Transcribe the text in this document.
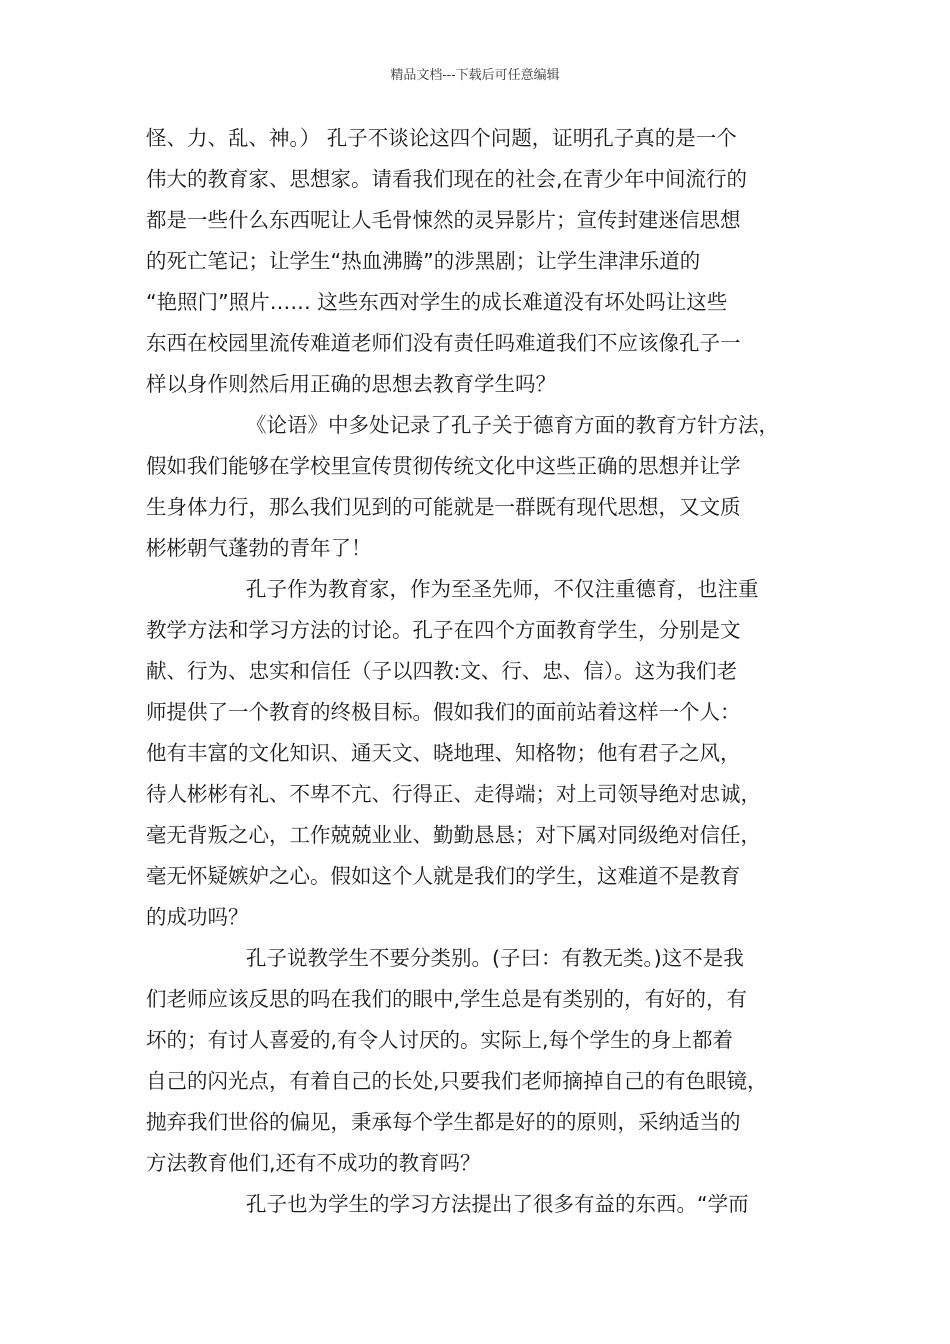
精品文档---下载后可任意编辑
怪、力、乱、神。） 孔子不谈论这四个问题，证明孔子真的是一个
伟大的教育家、思想家。请看我们现在的社会,在青少年中间流行的
都是一些什么东西呢让人毛骨悚然的灵异影片；宣传封建迷信思想
的死亡笔记；让学生“热血沸腾”的涉黑剧；让学生津津乐道的
“艳照门”照片…… 这些东西对学生的成长难道没有坏处吗让这些
东西在校园里流传难道老师们没有责任吗难道我们不应该像孔子一
样以身作则然后用正确的思想去教育学生吗？
《论语》中多处记录了孔子关于德育方面的教育方针方法，
假如我们能够在学校里宣传贯彻传统文化中这些正确的思想并让学
生身体力行，那么我们见到的可能就是一群既有现代思想，又文质
彬彬朝气蓬勃的青年了！
孔子作为教育家，作为至圣先师，不仅注重德育，也注重
教学方法和学习方法的讨论。孔子在四个方面教育学生，分别是文
献、行为、忠实和信任（子以四教:文、行、忠、信）。这为我们老
师提供了一个教育的终极目标。假如我们的面前站着这样一个人：
他有丰富的文化知识、通天文、晓地理、知格物；他有君子之风，
待人彬彬有礼、不卑不亢、行得正、走得端；对上司领导绝对忠诚，
毫无背叛之心，工作兢兢业业、勤勤恳恳；对下属对同级绝对信任，
毫无怀疑嫉妒之心。假如这个人就是我们的学生，这难道不是教育
的成功吗？
孔子说教学生不要分类别。(子曰：有教无类。)这不是我
们老师应该反思的吗在我们的眼中,学生总是有类别的，有好的，有
坏的；有讨人喜爱的,有令人讨厌的。实际上,每个学生的身上都着
自己的闪光点，有着自己的长处,只要我们老师摘掉自己的有色眼镜，
抛弃我们世俗的偏见，秉承每个学生都是好的的原则，采纳适当的
方法教育他们,还有不成功的教育吗？
孔子也为学生的学习方法提出了很多有益的东西。“学而
